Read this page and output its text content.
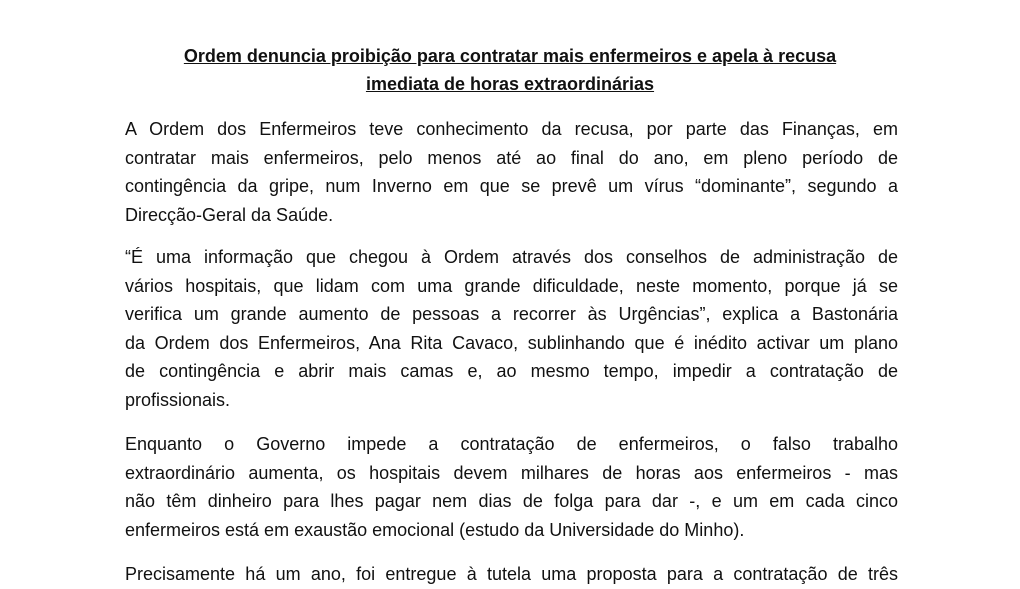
Ordem denuncia proibição para contratar mais enfermeiros e apela à recusa
imediata de horas extraordinárias

A Ordem dos Enfermeiros teve conhecimento da recusa, por parte das Finanças, em
contratar mais enfermeiros, pelo menos até ao final do ano, em pleno período de
contingência da gripe, num Inverno em que se prevê um vírus “dominante”, segundo a
Direcção-Geral da Saúde.

“É uma informação que chegou à Ordem através dos conselhos de administração de
vários hospitais, que lidam com uma grande dificuldade, neste momento, porque já se
verifica um grande aumento de pessoas a recorrer às Urgências”, explica a Bastonária
da Ordem dos Enfermeiros, Ana Rita Cavaco, sublinhando que é inédito activar um plano
de contingência e abrir mais camas e, ao mesmo tempo, impedir a contratação de
profissionais.

Enquanto o Governo impede a contratação de enfermeiros, o falso trabalho
extraordinário aumenta, os hospitais devem milhares de horas aos enfermeiros - mas
não têm dinheiro para lhes pagar nem dias de folga para dar -, e um em cada cinco
enfermeiros está em exaustão emocional (estudo da Universidade do Minho).

Precisamente há um ano, foi entregue à tutela uma proposta para a contratação de três
